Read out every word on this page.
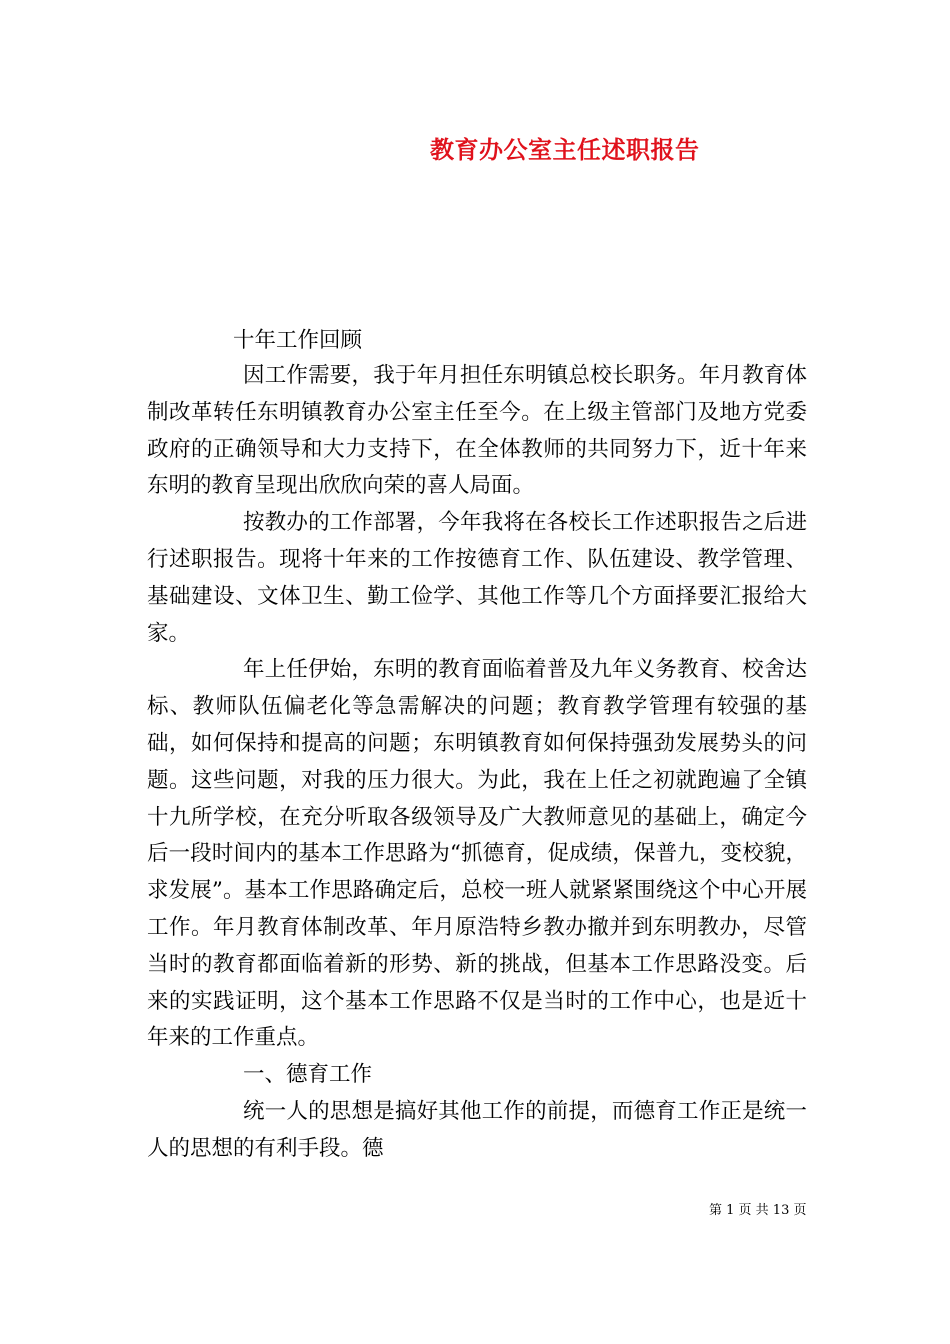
教育办公室主任述职报告
十年工作回顾

因工作需要，我于年月担任东明镇总校长职务。年月教育体制改革转任东明镇教育办公室主任至今。在上级主管部门及地方党委政府的正确领导和大力支持下，在全体教师的共同努力下，近十年来东明的教育呈现出欣欣向荣的喜人局面。

按教办的工作部署，今年我将在各校长工作述职报告之后进行述职报告。现将十年来的工作按德育工作、队伍建设、教学管理、基础建设、文体卫生、勤工俭学、其他工作等几个方面择要汇报给大家。

年上任伊始，东明的教育面临着普及九年义务教育、校舍达标、教师队伍偏老化等急需解决的问题；教育教学管理有较强的基础，如何保持和提高的问题；东明镇教育如何保持强劲发展势头的问题。这些问题，对我的压力很大。为此，我在上任之初就跑遍了全镇十九所学校，在充分听取各级领导及广大教师意见的基础上，确定今后一段时间内的基本工作思路为“抓德育，促成绩，保普九，变校貌，求发展”。基本工作思路确定后，总校一班人就紧紧围绕这个中心开展工作。年月教育体制改革、年月原浩特乡教办撤并到东明教办，尽管当时的教育都面临着新的形势、新的挑战，但基本工作思路没变。后来的实践证明，这个基本工作思路不仅是当时的工作中心，也是近十年来的工作重点。

一、德育工作

统一人的思想是搞好其他工作的前提，而德育工作正是统一人的思想的有利手段。德

第 1 页 共 13 页
